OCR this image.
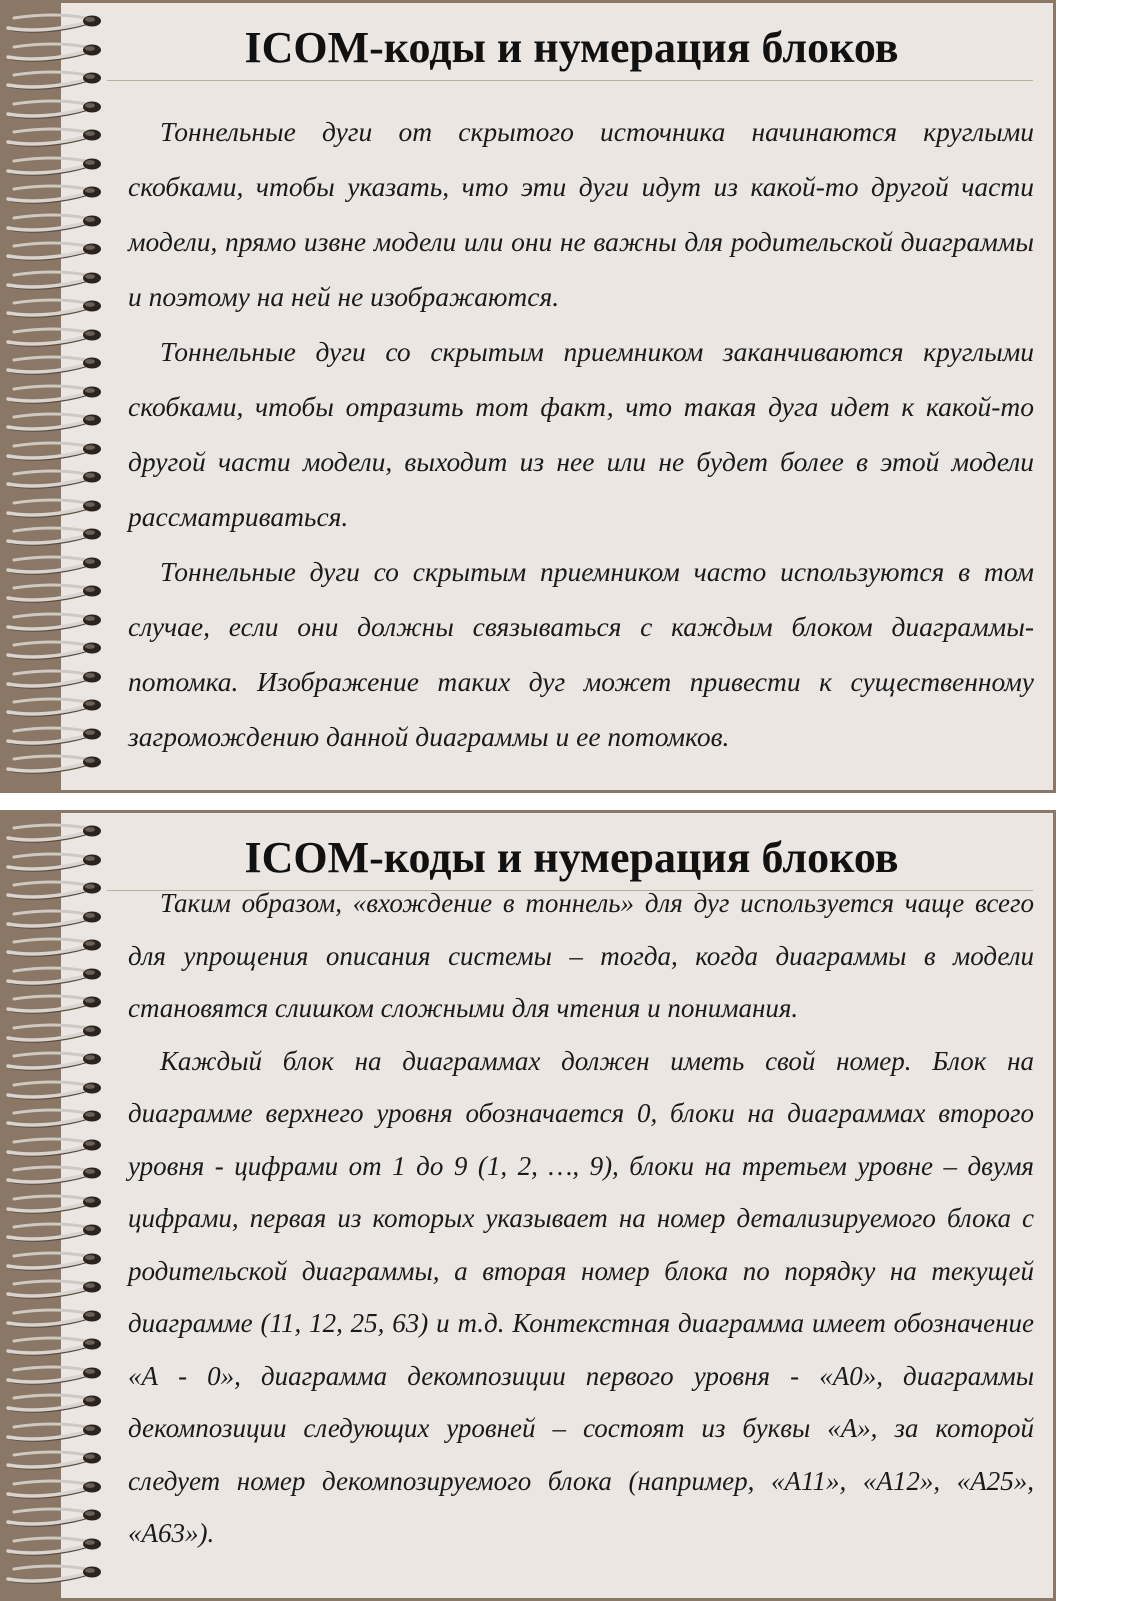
ICOM-коды и нумерация блоков

Тоннельные дуги от скрытого источника начинаются круглыми скобками, чтобы указать, что эти дуги идут из какой-то другой части модели, прямо извне модели или они не важны для родительской диаграммы и поэтому на ней не изображаются.

Тоннельные дуги со скрытым приемником заканчиваются круглыми скобками, чтобы отразить тот факт, что такая дуга идет к какой-то другой части модели, выходит из нее или не будет более в этой модели рассматриваться.

Тоннельные дуги со скрытым приемником часто используются в том случае, если они должны связываться с каждым блоком диаграммы-потомка. Изображение таких дуг может привести к существенному загромождению данной диаграммы и ее потомков.

ICOM-коды и нумерация блоков

Таким образом, «вхождение в тоннель» для дуг используется чаще всего для упрощения описания системы – тогда, когда диаграммы в модели становятся слишком сложными для чтения и понимания.

Каждый блок на диаграммах должен иметь свой номер. Блок на диаграмме верхнего уровня обозначается 0, блоки на диаграммах второго уровня - цифрами от 1 до 9 (1, 2, …, 9), блоки на третьем уровне – двумя цифрами, первая из которых указывает на номер детализируемого блока с родительской диаграммы, а вторая номер блока по порядку на текущей диаграмме (11, 12, 25, 63) и т.д. Контекстная диаграмма имеет обозначение «А - 0», диаграмма декомпозиции первого уровня - «А0», диаграммы декомпозиции следующих уровней – состоят из буквы «А», за которой следует номер декомпозируемого блока (например, «А11», «А12», «А25», «А63»).
